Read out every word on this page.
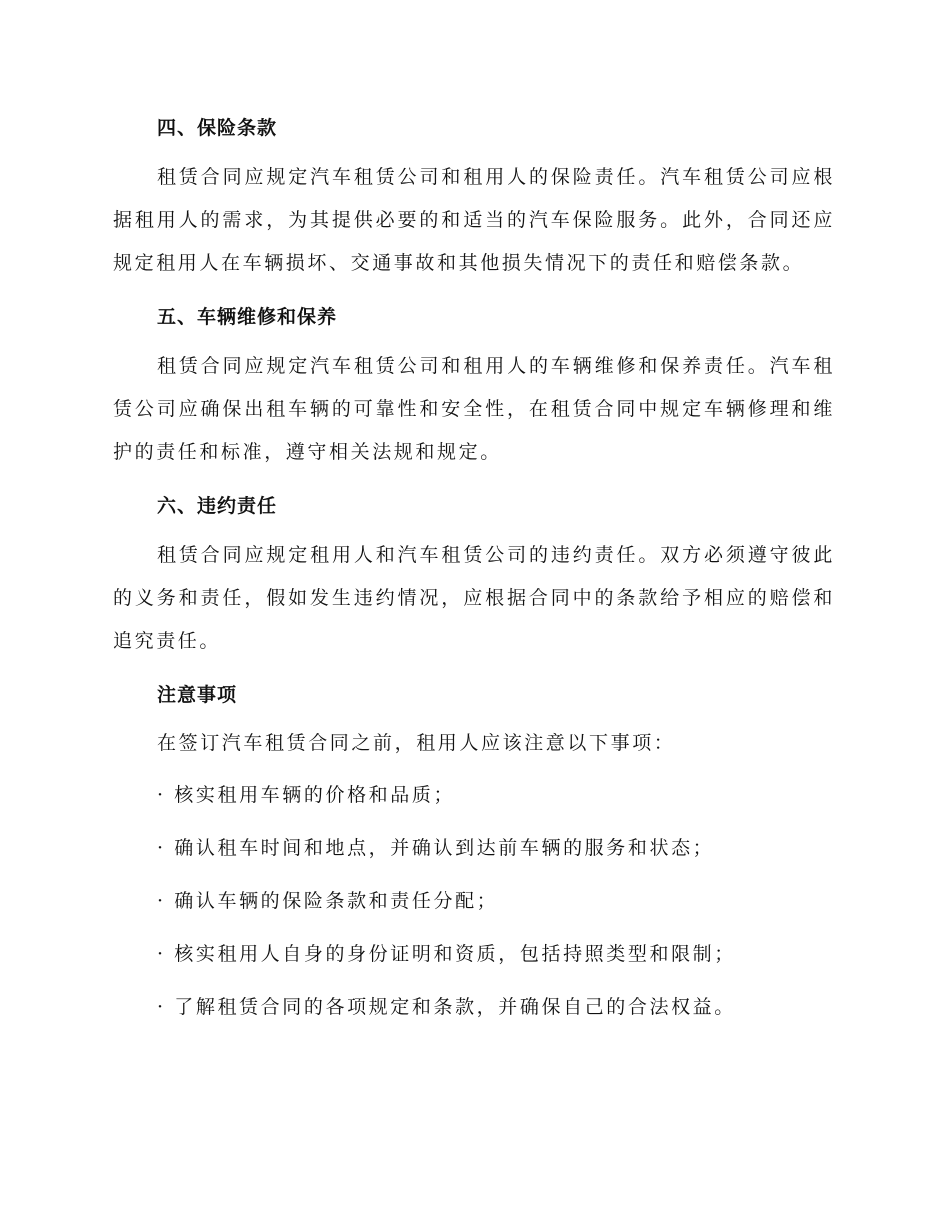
四、保险条款

租赁合同应规定汽车租赁公司和租用人的保险责任。汽车租赁公司应根据租用人的需求，为其提供必要的和适当的汽车保险服务。此外，合同还应规定租用人在车辆损坏、交通事故和其他损失情况下的责任和赔偿条款。

五、车辆维修和保养

租赁合同应规定汽车租赁公司和租用人的车辆维修和保养责任。汽车租赁公司应确保出租车辆的可靠性和安全性，在租赁合同中规定车辆修理和维护的责任和标准，遵守相关法规和规定。

六、违约责任

租赁合同应规定租用人和汽车租赁公司的违约责任。双方必须遵守彼此的义务和责任，假如发生违约情况，应根据合同中的条款给予相应的赔偿和追究责任。

注意事项

在签订汽车租赁合同之前，租用人应该注意以下事项：

· 核实租用车辆的价格和品质；
· 确认租车时间和地点，并确认到达前车辆的服务和状态；
· 确认车辆的保险条款和责任分配；
· 核实租用人自身的身份证明和资质，包括持照类型和限制；
· 了解租赁合同的各项规定和条款，并确保自己的合法权益。
